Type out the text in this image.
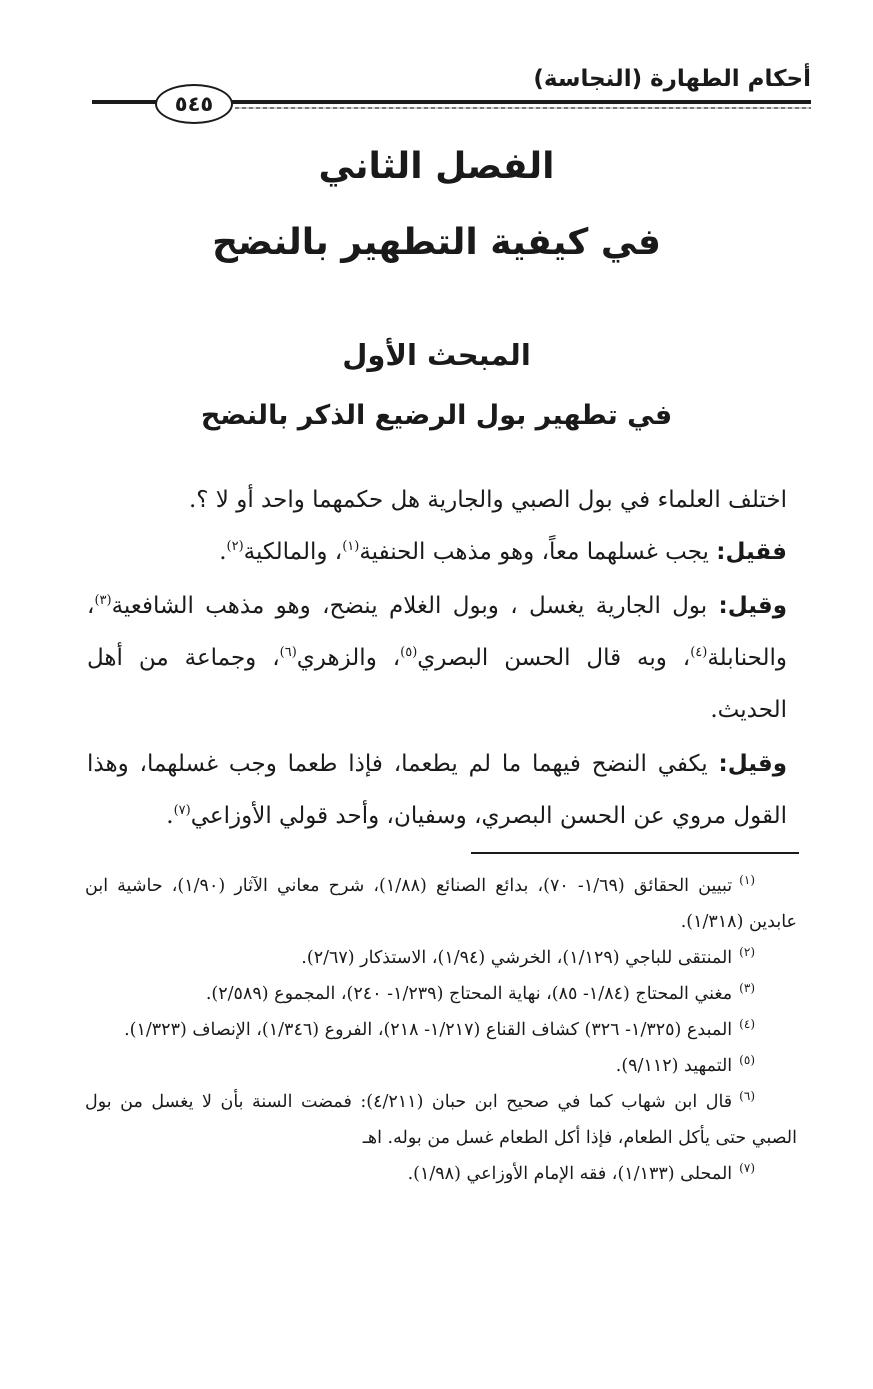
أحكام الطهارة (النجاسة)
٥٤٥
الفصل الثاني
في كيفية التطهير بالنضح
المبحث الأول
في تطهير بول الرضيع الذكر بالنضح

اختلف العلماء في بول الصبي والجارية هل حكمهما واحد أو لا ؟.

فقيل: يجب غسلهما معاً، وهو مذهب الحنفية$^{(١)}$، والمالكية$^{(٢)}$.

وقيل: بول الجارية يغسل ، وبول الغلام ينضح، وهو مذهب الشافعية$^{(٣)}$، والحنابلة$^{(٤)}$، وبه قال الحسن البصري$^{(٥)}$، والزهري$^{(٦)}$، وجماعة من أهل الحديث.

وقيل: يكفي النضح فيهما ما لم يطعما، فإذا طعما وجب غسلهما، وهذا القول مروي عن الحسن البصري، وسفيان، وأحد قولي الأوزاعي$^{(٧)}$.

$^{(١)}$تبيين الحقائق (١/٦٩- ٧٠)، بدائع الصنائع (١/٨٨)، شرح معاني الآثار (١/٩٠)، حاشية ابن عابدين (١/٣١٨).

$^{(٢)}$المنتقى للباجي (١/١٢٩)، الخرشي (١/٩٤)، الاستذكار (٢/٦٧).

$^{(٣)}$مغني المحتاج (١/٨٤- ٨٥)، نهاية المحتاج (١/٢٣٩- ٢٤٠)، المجموع (٢/٥٨٩).

$^{(٤)}$المبدع (١/٣٢٥- ٣٢٦) كشاف القناع (١/٢١٧- ٢١٨)، الفروع (١/٣٤٦)، الإنصاف (١/٣٢٣).

$^{(٥)}$التمهيد (٩/١١٢).

$^{(٦)}$قال ابن شهاب كما في صحيح ابن حبان (٤/٢١١): فمضت السنة بأن لا يغسل من بول الصبي حتى يأكل الطعام، فإذا أكل الطعام غسل من بوله. اهـ

$^{(٧)}$المحلى (١/١٣٣)، فقه الإمام الأوزاعي (١/٩٨).
